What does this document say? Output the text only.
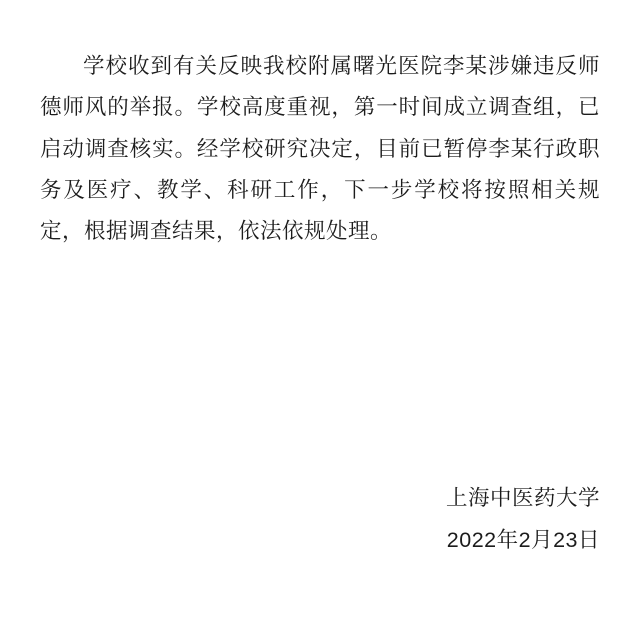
学校收到有关反映我校附属曙光医院李某涉嫌违反师德师风的举报。学校高度重视，第一时间成立调查组，已启动调查核实。经学校研究决定，目前已暂停李某行政职务及医疗、教学、科研工作，下一步学校将按照相关规定，根据调查结果，依法依规处理。

上海中医药大学
2022年2月23日
